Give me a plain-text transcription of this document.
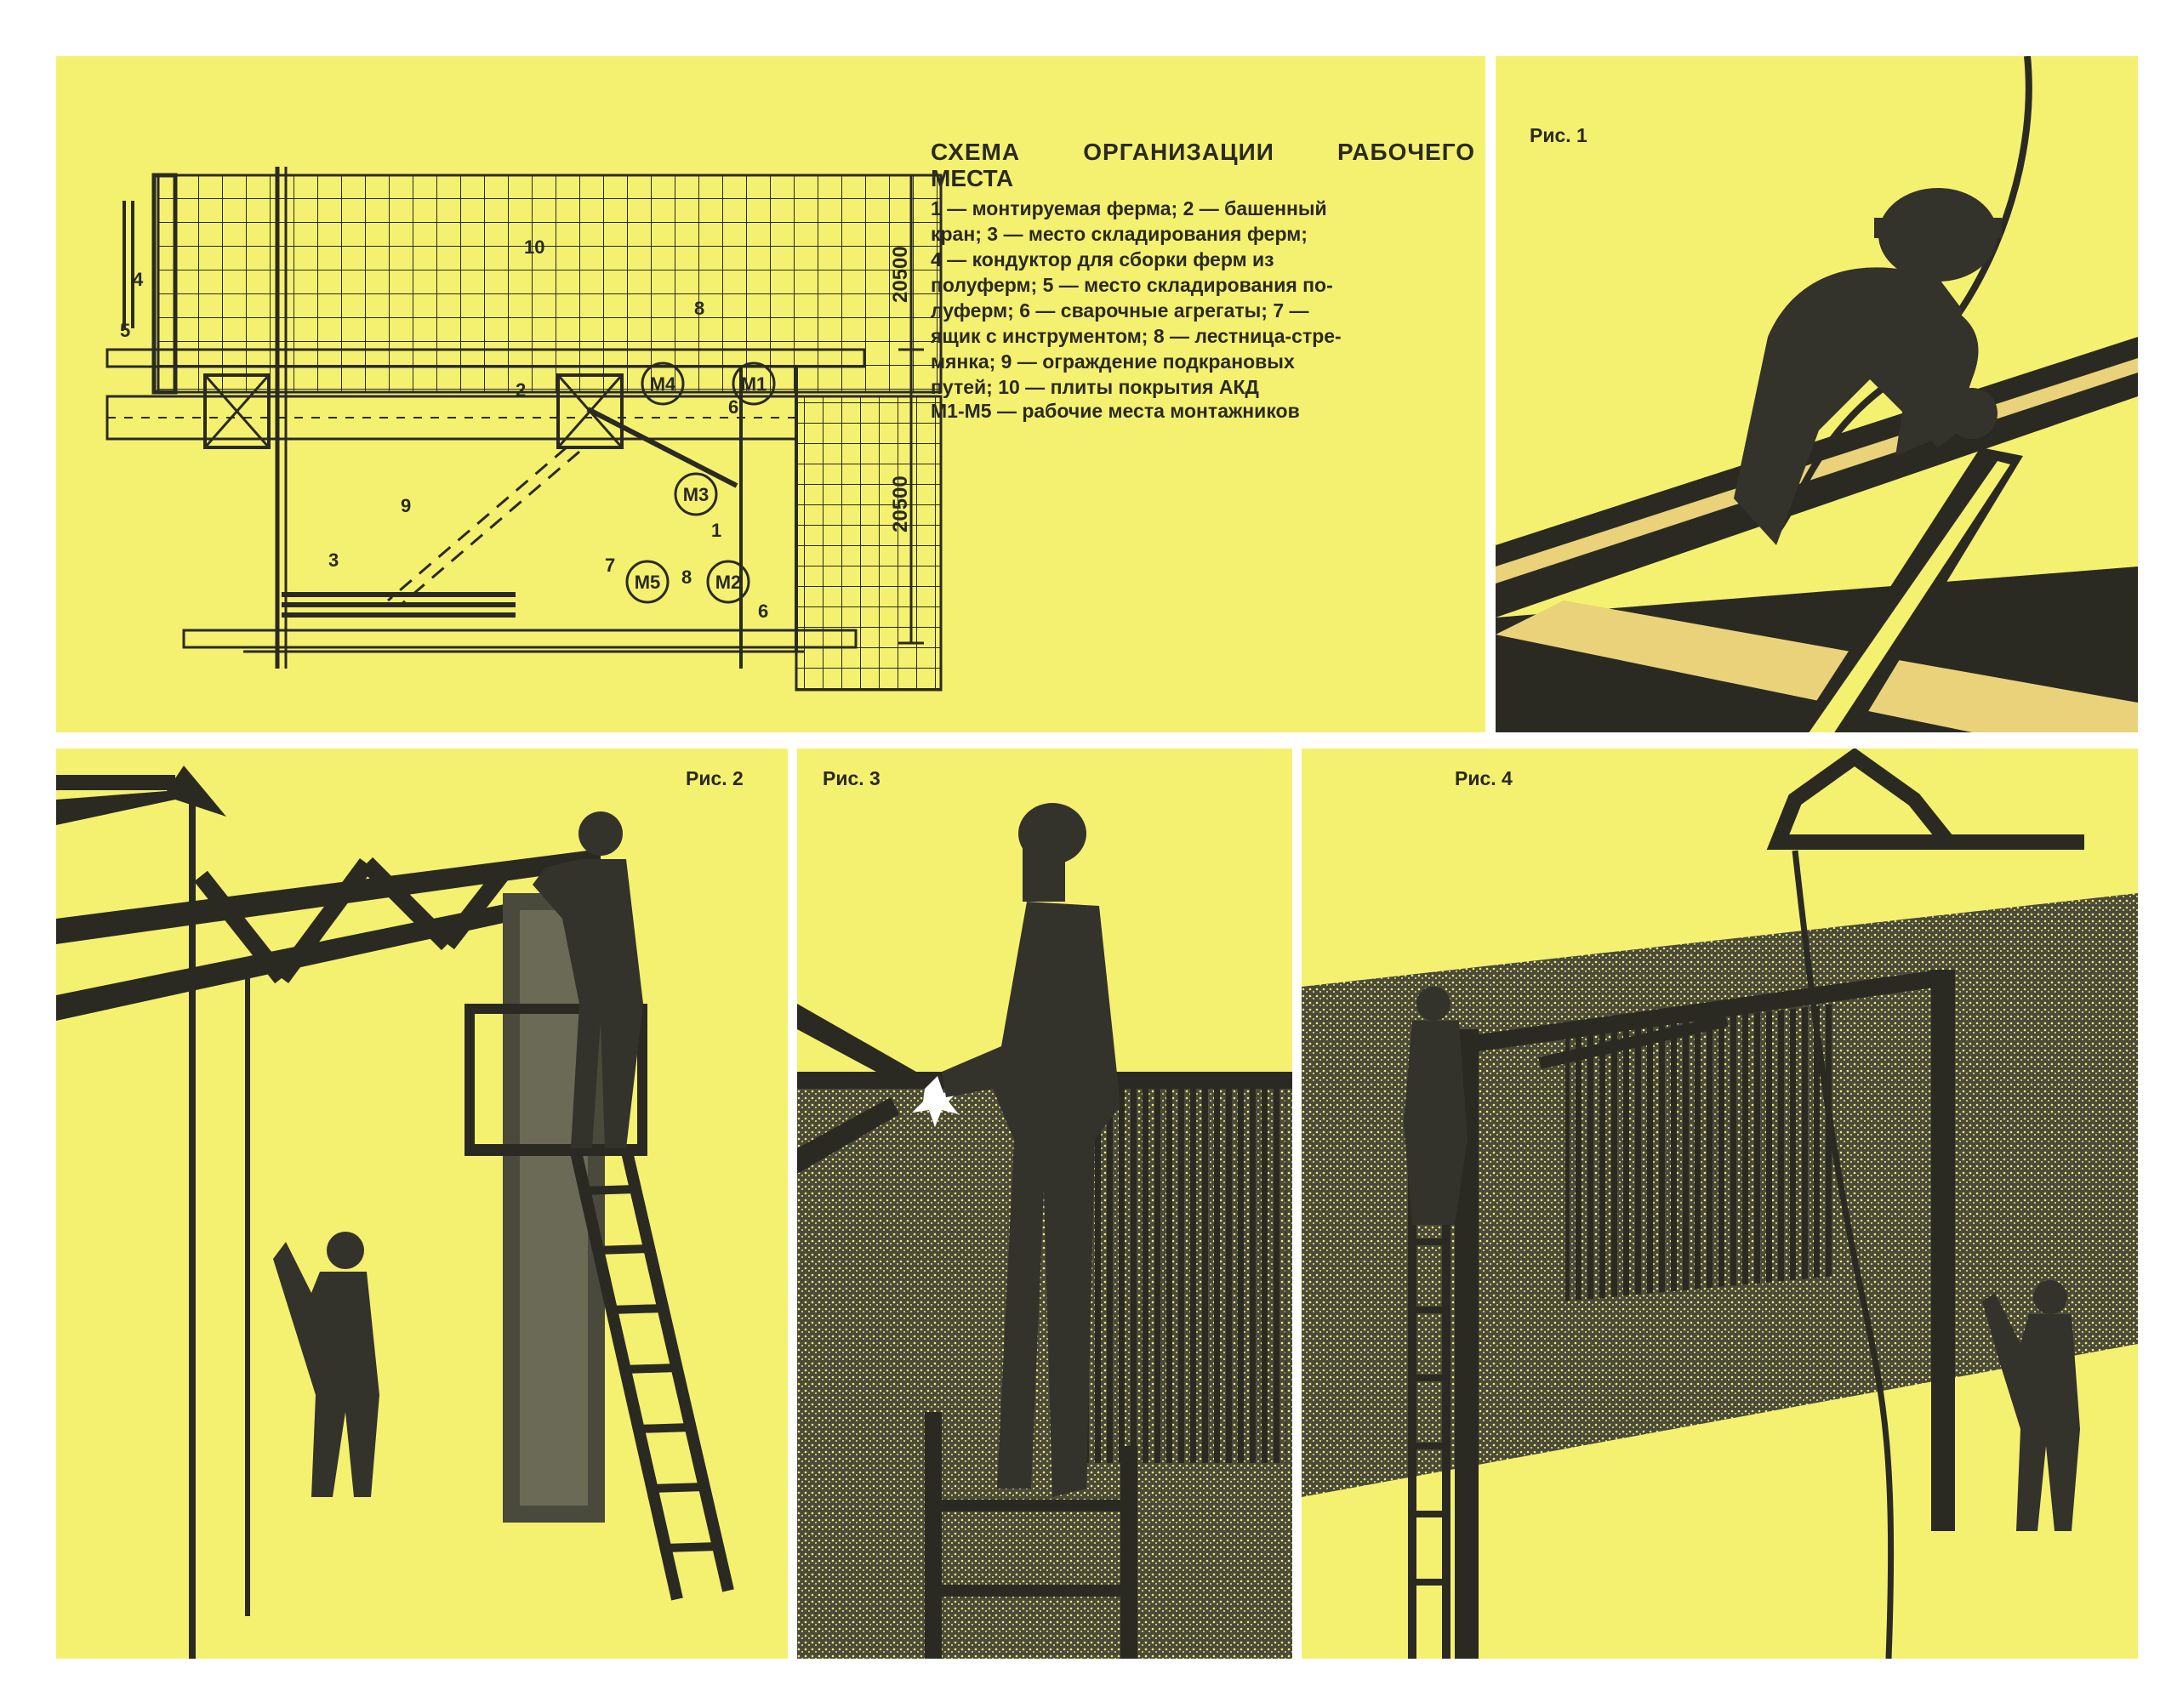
20500
20500
М4	М1
М3
М5	М2
1
2
3
4
5
6
6
7
8
8
9
10
СХЕМА ОРГАНИЗАЦИИ РАБОЧЕГО
МЕСТА
1 — монтируемая ферма; 2 — башенный
кран; 3 — место складирования ферм;
4 — кондуктор для сборки ферм из
полуферм; 5 — место складирования по-
луферм; 6 — сварочные агрегаты; 7 —
ящик с инструментом; 8 — лестница-стре-
мянка; 9 — ограждение подкрановых
путей; 10 — плиты покрытия АКД
М1-М5 — рабочие места монтажников
Рис. 1
Рис. 2	Рис. 3	Рис. 4
